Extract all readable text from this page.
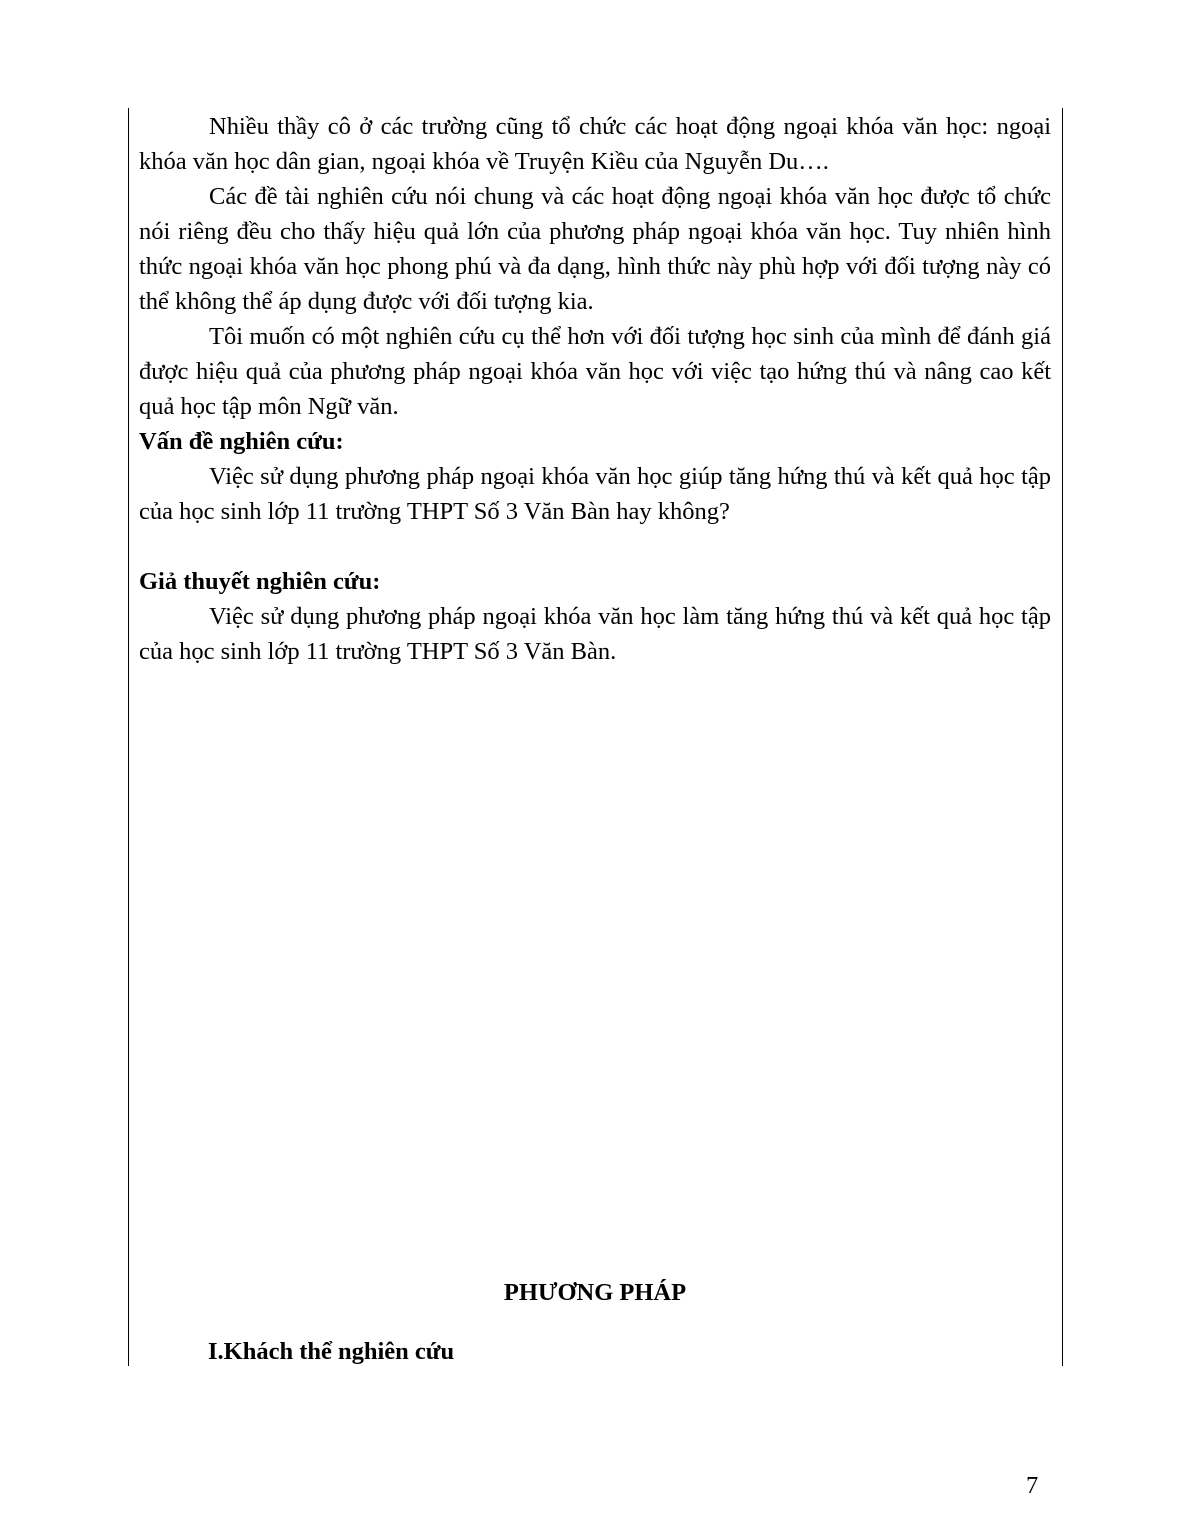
Nhiều thầy cô ở các trường cũng tổ chức các hoạt động ngoại khóa văn học: ngoại khóa văn học dân gian, ngoại khóa về Truyện Kiều của Nguyễn Du….

Các đề tài nghiên cứu nói chung và các hoạt động ngoại khóa văn học được tổ chức nói riêng đều cho thấy hiệu quả lớn của phương pháp ngoại khóa văn học. Tuy nhiên hình thức ngoại khóa văn học phong phú và đa dạng, hình thức này phù hợp với đối tượng này có thể không thể áp dụng được với đối tượng kia.

Tôi muốn có một nghiên cứu cụ thể hơn với đối tượng học sinh của mình để đánh giá được hiệu quả của phương pháp ngoại khóa văn học với việc tạo hứng thú và nâng cao kết quả học tập môn Ngữ văn.

Vấn đề nghiên cứu:

Việc sử dụng phương pháp ngoại khóa văn học giúp tăng hứng thú và kết quả học tập của học sinh lớp 11 trường THPT Số 3 Văn Bàn hay không?

Giả thuyết nghiên cứu:

Việc sử dụng phương pháp ngoại khóa văn học làm tăng hứng thú và kết quả học tập của học sinh lớp 11 trường THPT Số 3 Văn Bàn.

PHƯƠNG PHÁP
I.Khách thể nghiên cứu
7
